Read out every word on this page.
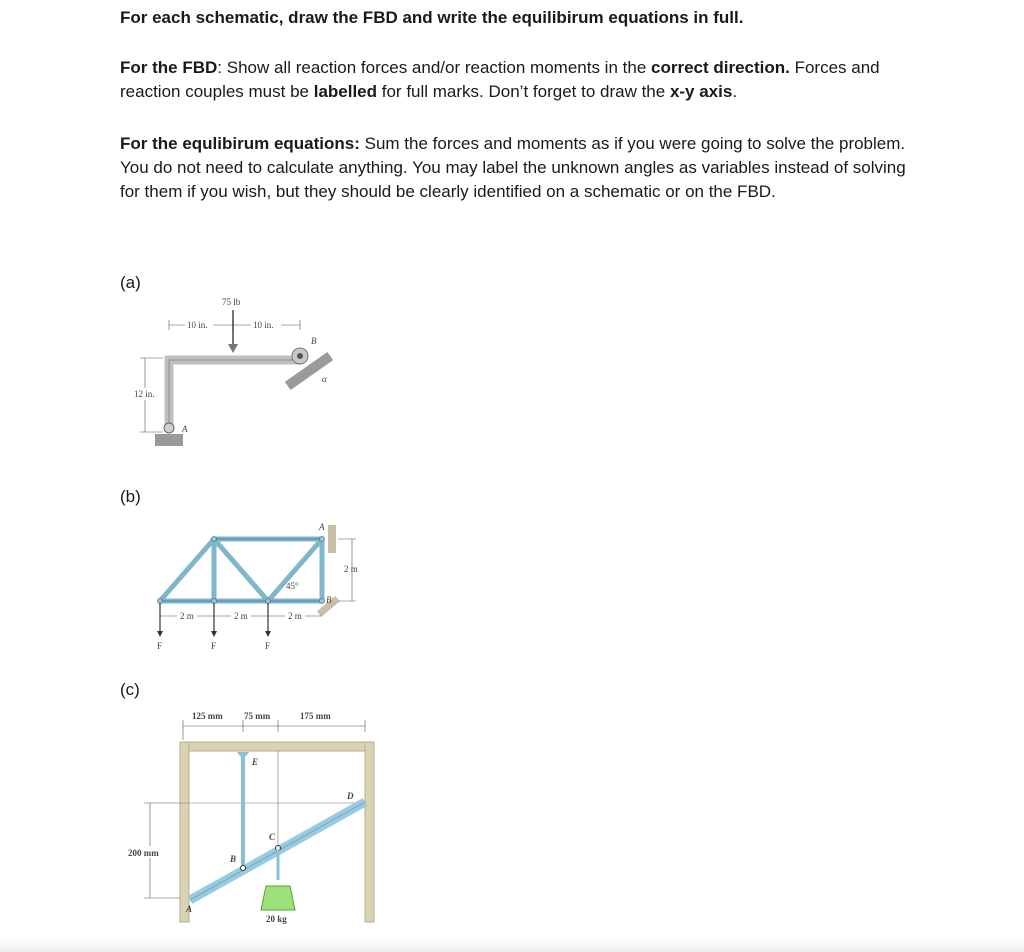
For each schematic, draw the FBD and write the equilibirum equations in full.
For the FBD: Show all reaction forces and/or reaction moments in the correct direction. Forces and reaction couples must be labelled for full marks. Don’t forget to draw the x-y axis.
For the equlibirum equations: Sum the forces and moments as if you were going to solve the problem. You do not need to calculate anything. You may label the unknown angles as variables instead of solving for them if you wish, but they should be clearly identified on a schematic or on the FBD.
(a)
(b)
(c)
A
B
α
75 lb
10 in.	10 in.
12 in.
A
B
45°
2 m
2 m	2 m	2 m
F	F	F
20 kg
E
B
C
D
A
125 mm 75 mm	175 mm
200 mm
